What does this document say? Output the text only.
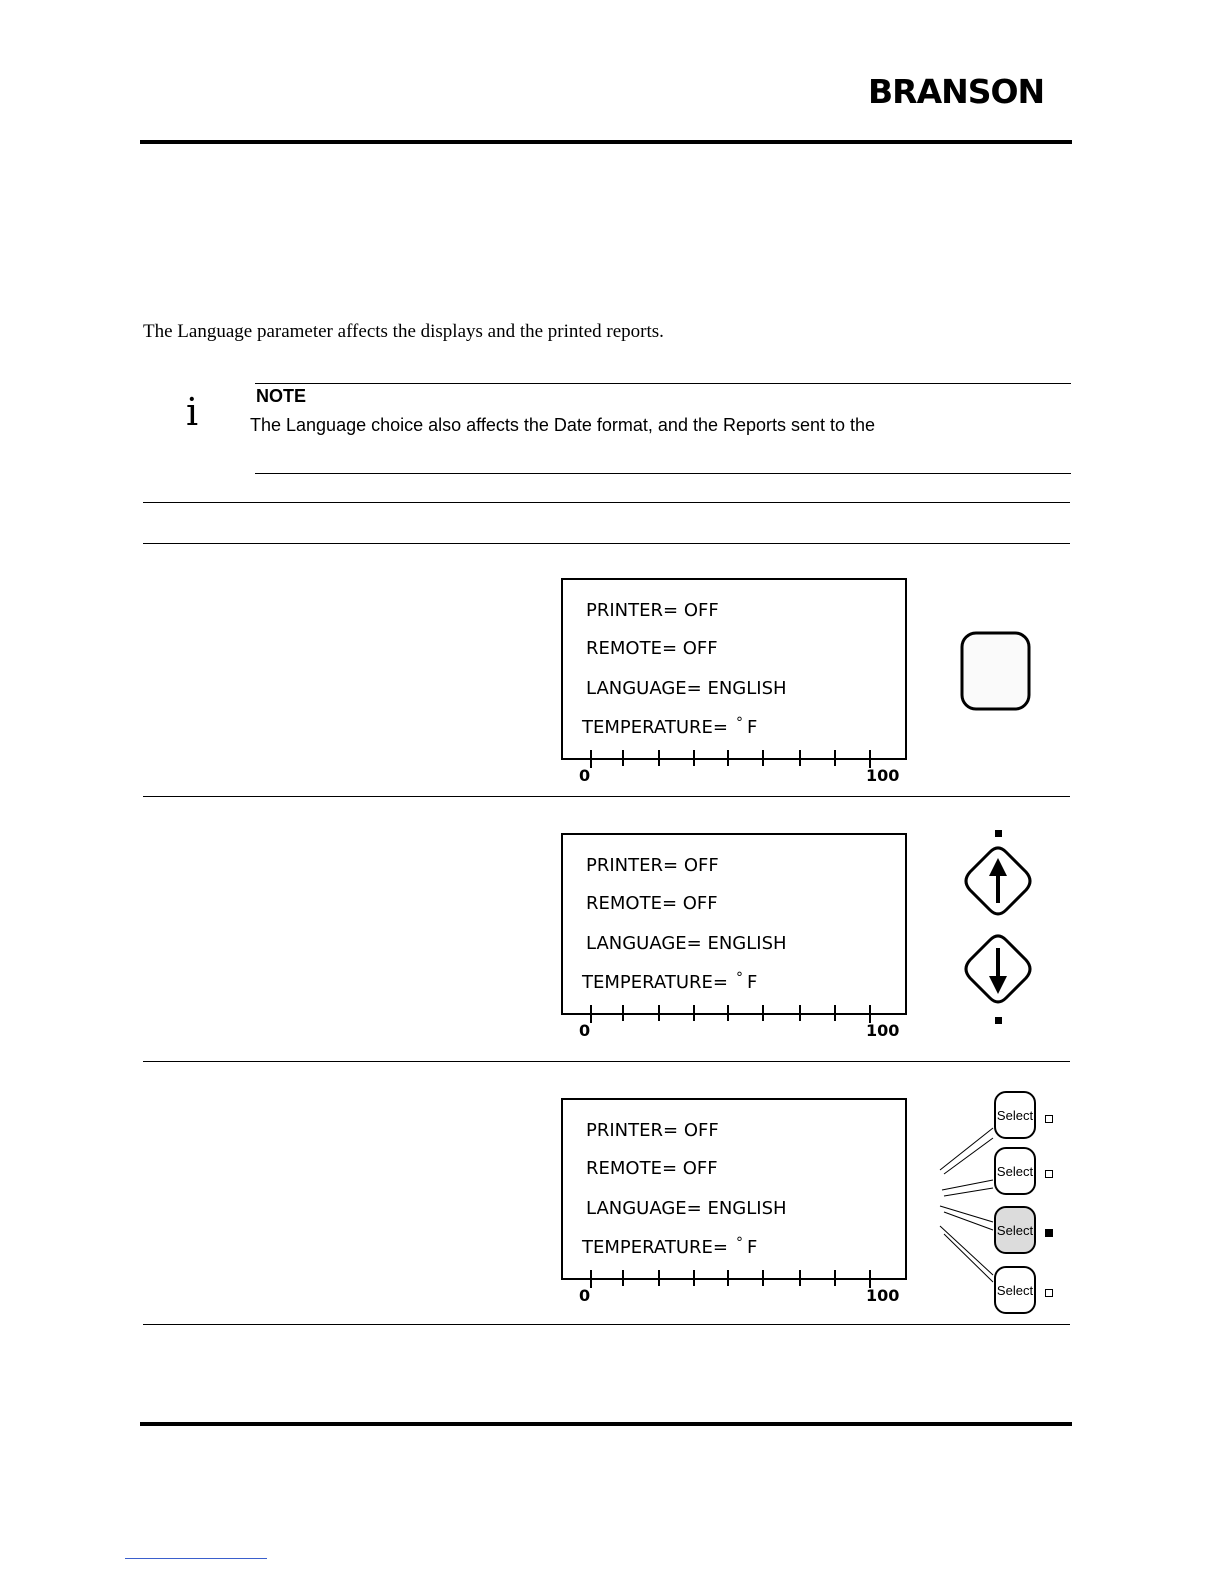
BRANSON
The Language parameter affects the displays and the printed reports.
i	NOTE
The Language choice also affects the Date format, and the Reports sent to the
PRINTER= OFF
REMOTE= OFF
LANGUAGE= ENGLISH
TEMPERATURE= ° F
0	100
PRINTER= OFF
REMOTE= OFF
LANGUAGE= ENGLISH
TEMPERATURE= ° F
0	100
PRINTER= OFF
REMOTE= OFF
LANGUAGE= ENGLISH
TEMPERATURE= ° F
0	100
Select
Select
Select
Select
